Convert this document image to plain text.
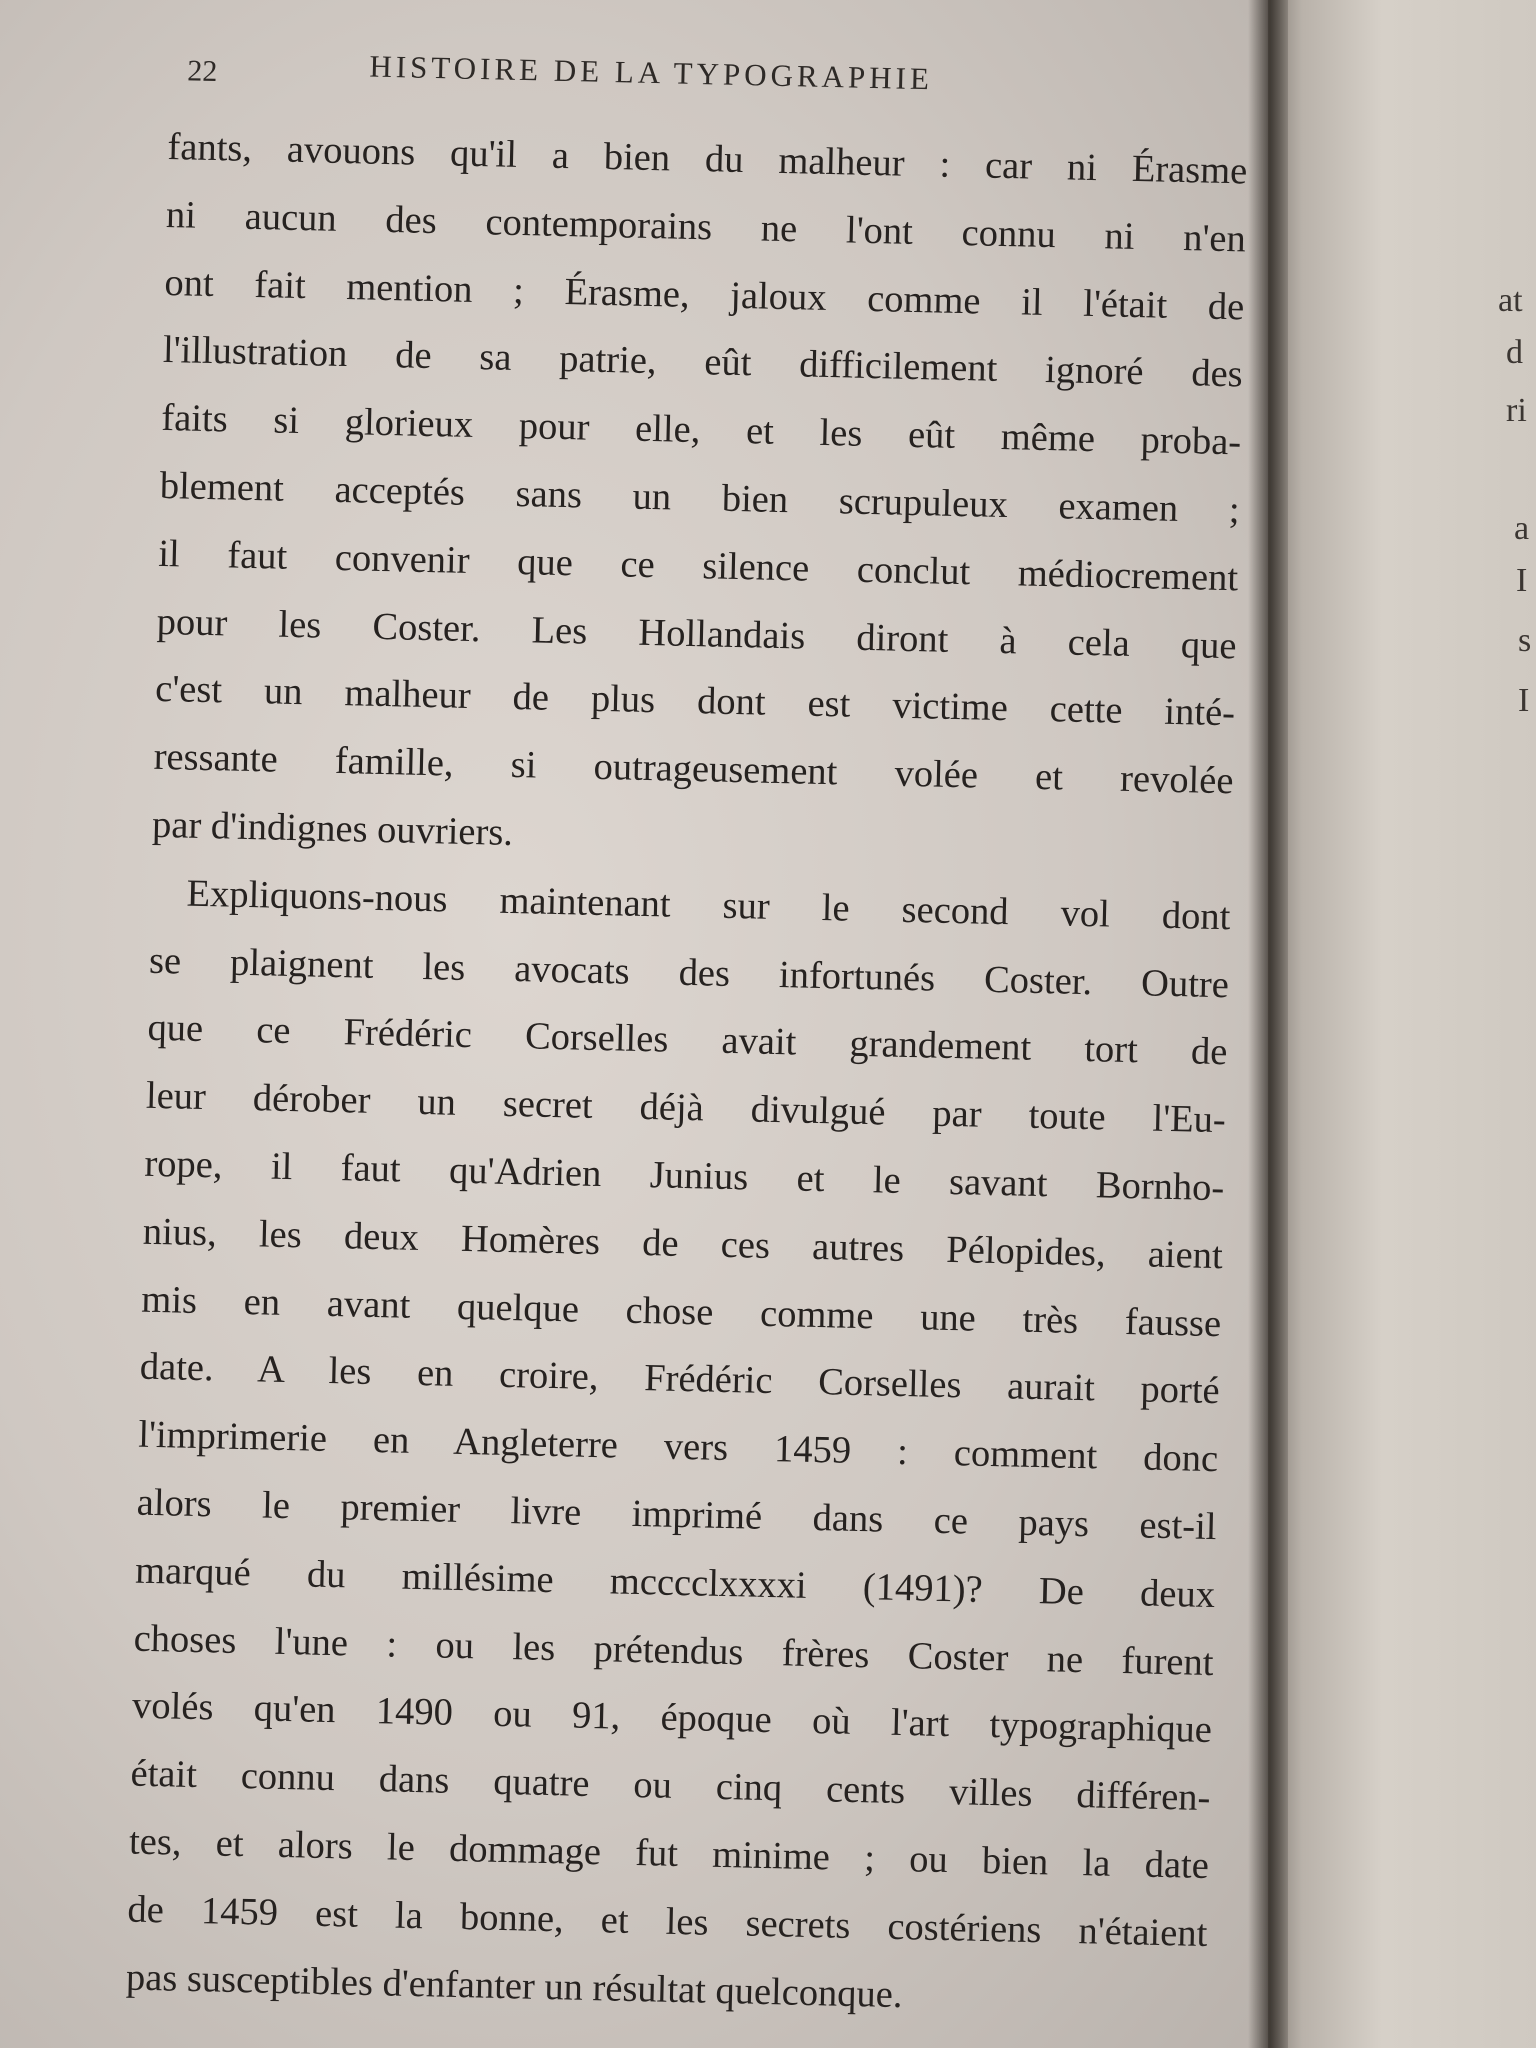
at
d
ri
a
I
s
I
22	HISTOIRE DE LA TYPOGRAPHIE
fants, avouons qu'il a bien du malheur : car ni Érasme
ni aucun des contemporains ne l'ont connu ni n'en
ont fait mention ; Érasme, jaloux comme il l'était de
l'illustration de sa patrie, eût difficilement ignoré des
faits si glorieux pour elle, et les eût même proba-
blement acceptés sans un bien scrupuleux examen ;
il faut convenir que ce silence conclut médiocrement
pour les Coster. Les Hollandais diront à cela que
c'est un malheur de plus dont est victime cette inté-
ressante famille, si outrageusement volée et revolée
par d'indignes ouvriers.
Expliquons-nous maintenant sur le second vol dont
se plaignent les avocats des infortunés Coster. Outre
que ce Frédéric Corselles avait grandement tort de
leur dérober un secret déjà divulgué par toute l'Eu-
rope, il faut qu'Adrien Junius et le savant Bornho-
nius, les deux Homères de ces autres Pélopides, aient
mis en avant quelque chose comme une très fausse
date. A les en croire, Frédéric Corselles aurait porté
l'imprimerie en Angleterre vers 1459 : comment donc
alors le premier livre imprimé dans ce pays est-il
marqué du millésime mcccclxxxxi (1491)? De deux
choses l'une : ou les prétendus frères Coster ne furent
volés qu'en 1490 ou 91, époque où l'art typographique
était connu dans quatre ou cinq cents villes différen-
tes, et alors le dommage fut minime ; ou bien la date
de 1459 est la bonne, et les secrets costériens n'étaient
pas susceptibles d'enfanter un résultat quelconque.
